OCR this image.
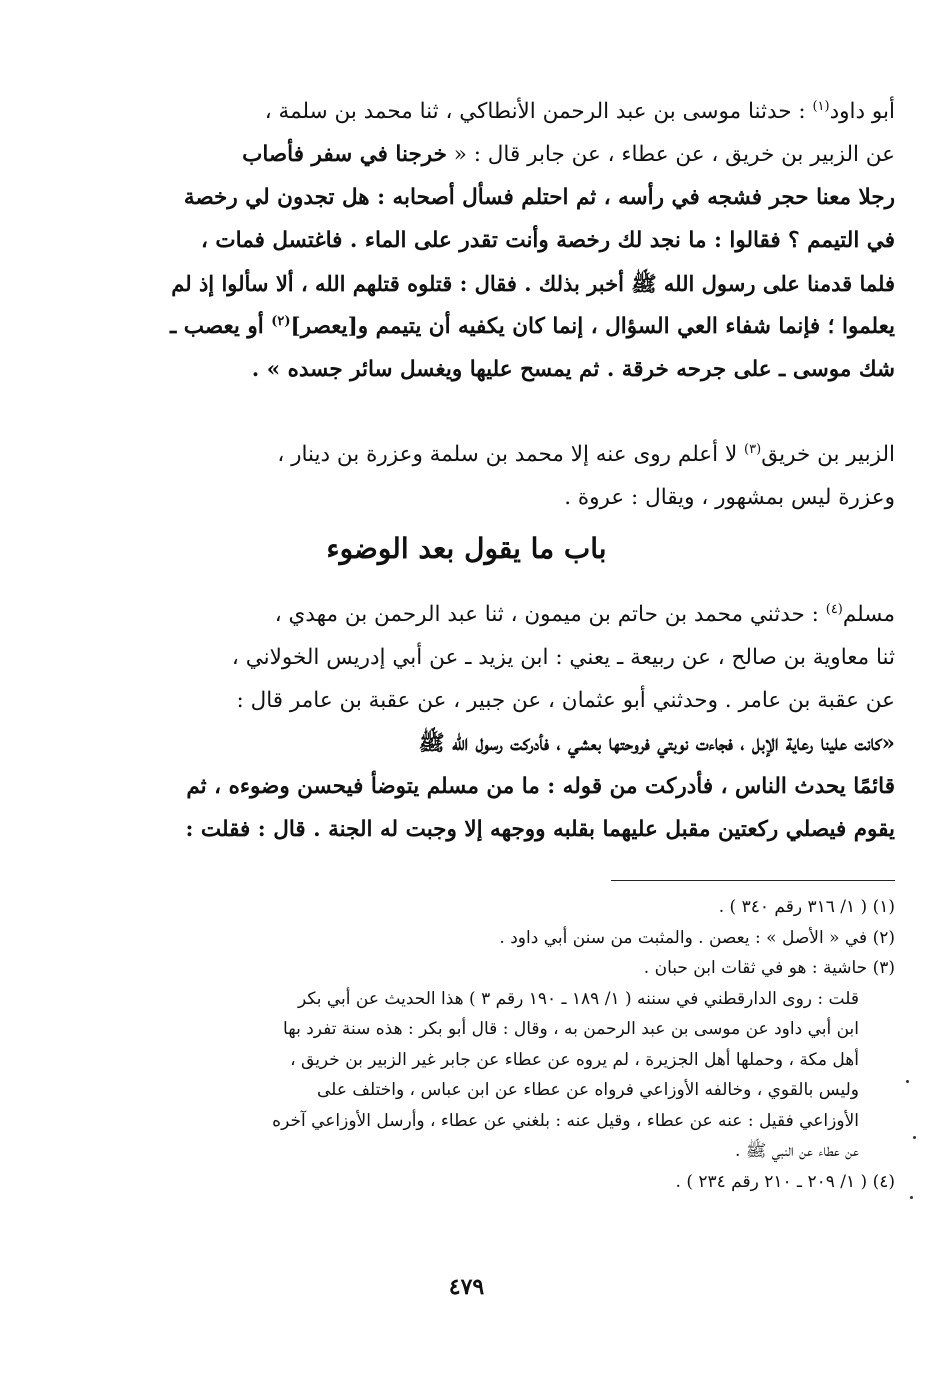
أبو داود$^{(١)}$ : حدثنا موسى بن عبد الرحمن الأنطاكي ، ثنا محمد بن سلمة ،
عن الزبير بن خريق ، عن عطاء ، عن جابر قال : « خرجنا في سفر فأصاب
رجلا معنا حجر فشجه في رأسه ، ثم احتلم فسأل أصحابه : هل تجدون لي رخصة
في التيمم ؟ فقالوا : ما نجد لك رخصة وأنت تقدر على الماء . فاغتسل فمات ،
فلما قدمنا على رسول الله ﷺ أخبر بذلك . فقال : قتلوه قتلهم الله ، ألا سألوا إذ لم
يعلموا ؛ فإنما شفاء العي السؤال ، إنما كان يكفيه أن يتيمم و[يعصر]$^{(٢)}$ أو يعصب ـ
شك موسى ـ على جرحه خرقة . ثم يمسح عليها ويغسل سائر جسده » .
الزبير بن خريق$^{(٣)}$ لا أعلم روى عنه إلا محمد بن سلمة وعزرة بن دينار ،
وعزرة ليس بمشهور ، ويقال : عروة .
باب ما يقول بعد الوضوء
مسلم$^{(٤)}$ : حدثني محمد بن حاتم بن ميمون ، ثنا عبد الرحمن بن مهدي ،
ثنا معاوية بن صالح ، عن ربيعة ـ يعني : ابن يزيد ـ عن أبي إدريس الخولاني ،
عن عقبة بن عامر . وحدثني أبو عثمان ، عن جبير ، عن عقبة بن عامر قال :
«كانت علينا رعاية الإبل ، فجاءت نوبتي فروحتها بعشي ، فأدركت رسول الله ﷺ
قائمًا يحدث الناس ، فأدركت من قوله : ما من مسلم يتوضأ فيحسن وضوءه ، ثم
يقوم فيصلي ركعتين مقبل عليهما بقلبه ووجهه إلا وجبت له الجنة . قال : فقلت :
(١) ( ١/ ٣١٦ رقم ٣٤٠ ) .
(٢) في « الأصل » : يعصن . والمثبت من سنن أبي داود .
(٣) حاشية : هو في ثقات ابن حبان .
قلت : روى الدارقطني في سننه ( ١/ ١٨٩ ـ ١٩٠ رقم ٣ ) هذا الحديث عن أبي بكر
ابن أبي داود عن موسى بن عبد الرحمن به ، وقال : قال أبو بكر : هذه سنة تفرد بها
أهل مكة ، وحملها أهل الجزيرة ، لم يروه عن عطاء عن جابر غير الزبير بن خريق ،
وليس بالقوي ، وخالفه الأوزاعي فرواه عن عطاء عن ابن عباس ، واختلف على
الأوزاعي فقيل : عنه عن عطاء ، وقيل عنه : بلغني عن عطاء ، وأرسل الأوزاعي آخره
عن عطاء عن النبي ﷺ .
(٤) ( ١/ ٢٠٩ ـ ٢١٠ رقم ٢٣٤ ) .
٤٧٩
